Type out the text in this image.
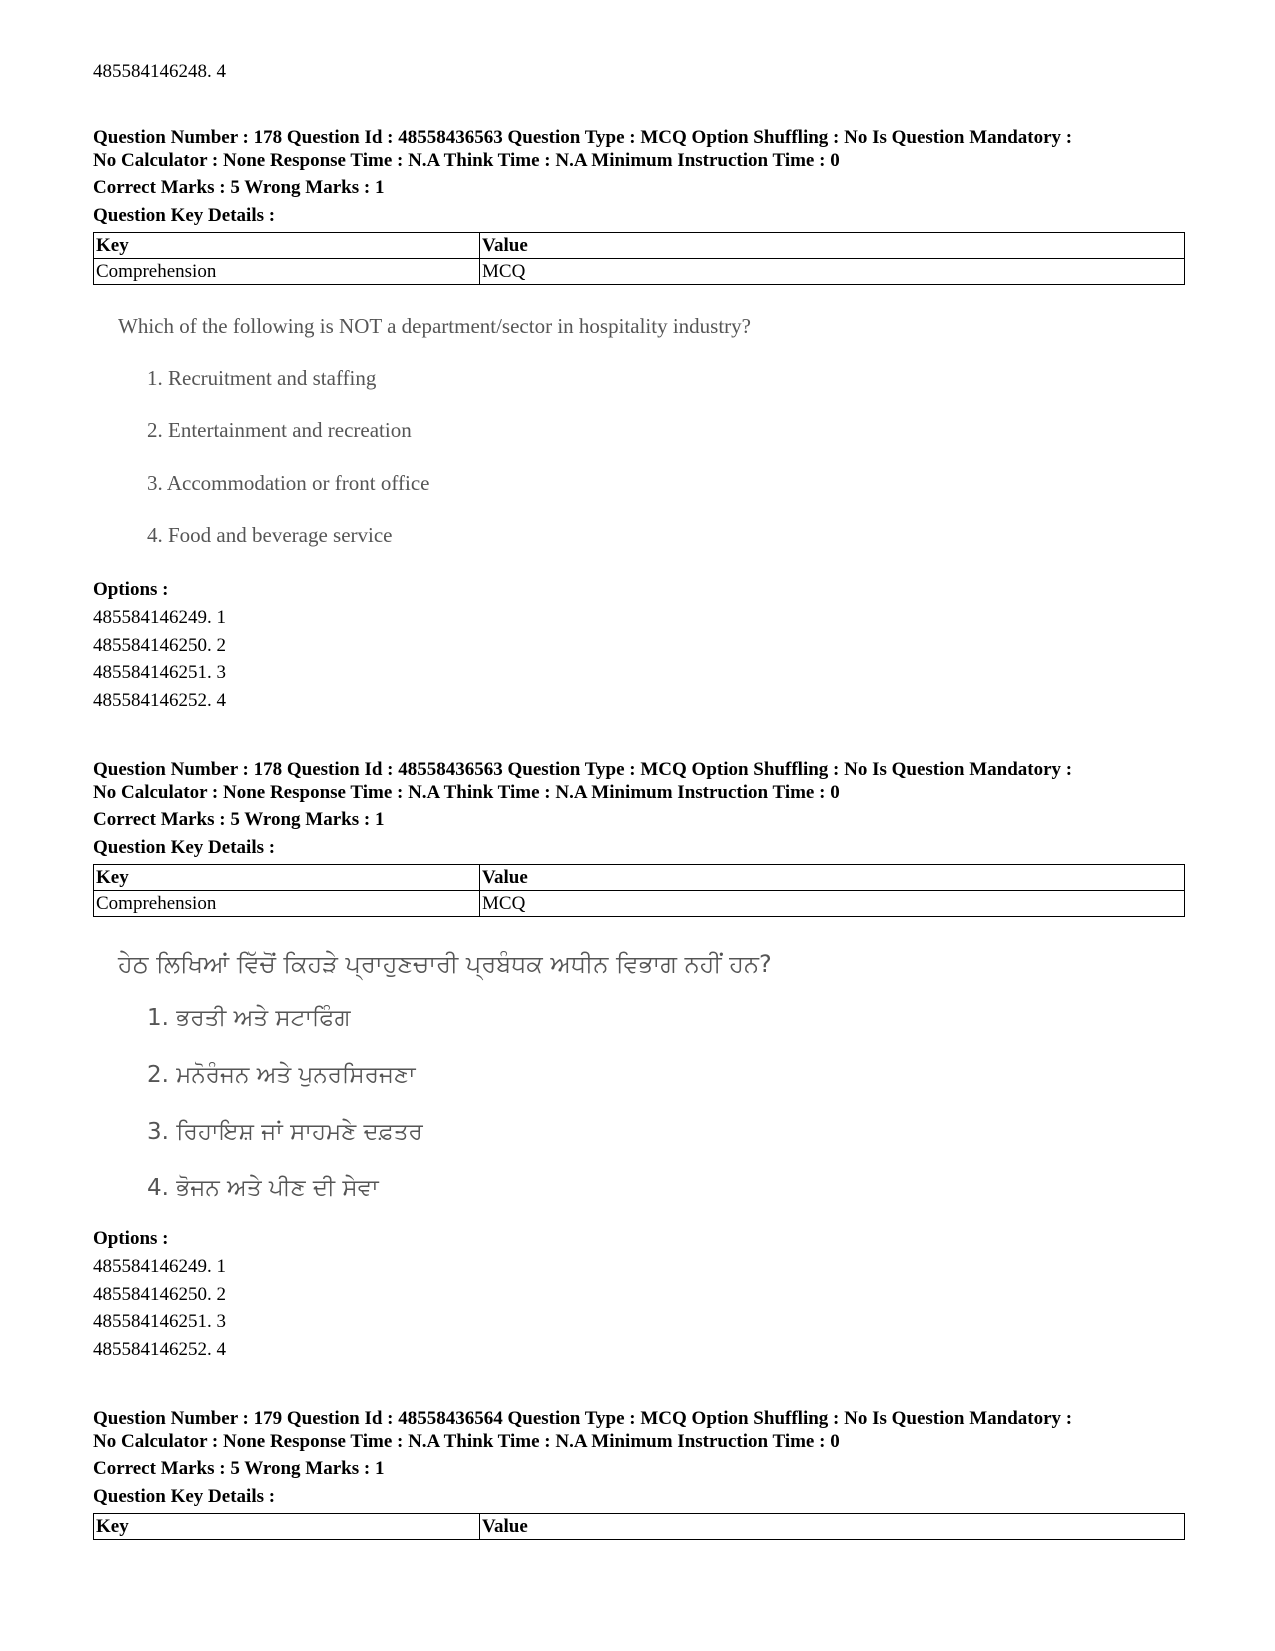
485584146248. 4
Question Number : 178 Question Id : 48558436563 Question Type : MCQ Option Shuffling : No Is Question Mandatory :
No Calculator : None Response Time : N.A Think Time : N.A Minimum Instruction Time : 0
Correct Marks : 5 Wrong Marks : 1
Question Key Details :
Key	Value
Comprehension	MCQ
Which of the following is NOT a department/sector in hospitality industry?
1. Recruitment and staffing
2. Entertainment and recreation
3. Accommodation or front office
4. Food and beverage service
Options :
485584146249. 1
485584146250. 2
485584146251. 3
485584146252. 4
Question Number : 178 Question Id : 48558436563 Question Type : MCQ Option Shuffling : No Is Question Mandatory :
No Calculator : None Response Time : N.A Think Time : N.A Minimum Instruction Time : 0
Correct Marks : 5 Wrong Marks : 1
Question Key Details :
Key	Value
Comprehension	MCQ
ਹੇਠ ਲਿਖਿਆਂ ਵਿੱਚੋਂ ਕਿਹੜੇ ਪ੍ਰਾਹੁਣਚਾਰੀ ਪ੍ਰਬੰਧਕ ਅਧੀਨ ਵਿਭਾਗ ਨਹੀਂ ਹਨ?
1. ਭਰਤੀ ਅਤੇ ਸਟਾਫਿੰਗ
2. ਮਨੋਰੰਜਨ ਅਤੇ ਪੁਨਰਸਿਰਜਣਾ
3. ਰਿਹਾਇਸ਼ ਜਾਂ ਸਾਹਮਣੇ ਦਫ਼ਤਰ
4. ਭੋਜਨ ਅਤੇ ਪੀਣ ਦੀ ਸੇਵਾ
Options :
485584146249. 1
485584146250. 2
485584146251. 3
485584146252. 4
Question Number : 179 Question Id : 48558436564 Question Type : MCQ Option Shuffling : No Is Question Mandatory :
No Calculator : None Response Time : N.A Think Time : N.A Minimum Instruction Time : 0
Correct Marks : 5 Wrong Marks : 1
Question Key Details :
Key	Value
